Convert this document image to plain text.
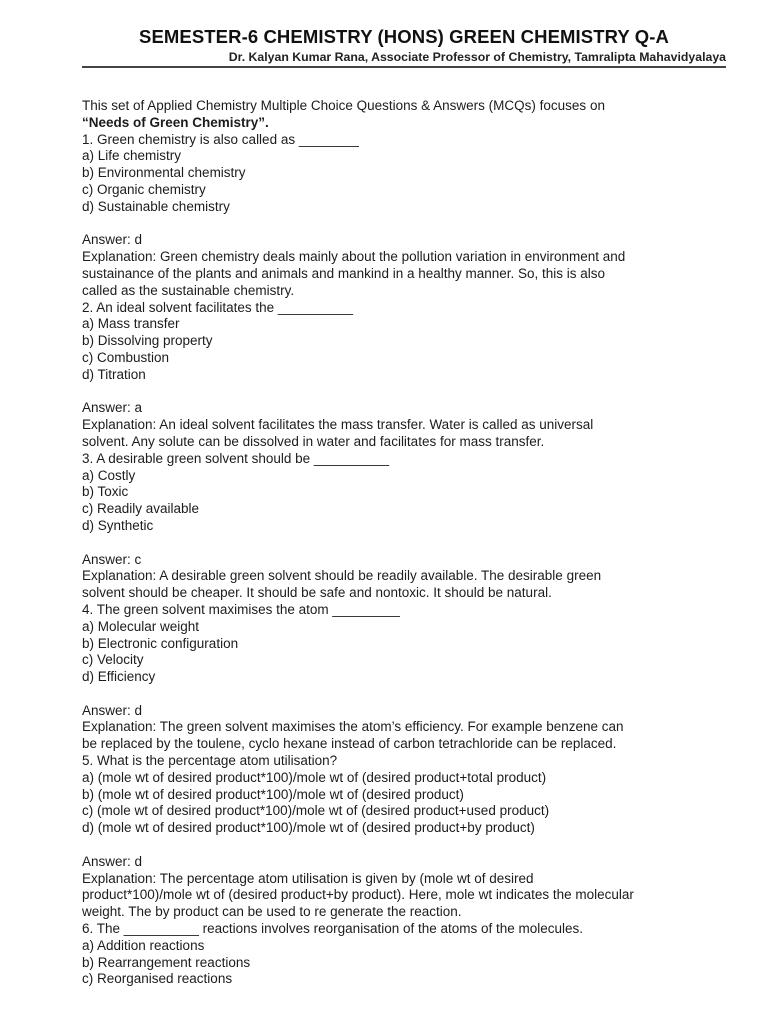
SEMESTER-6 CHEMISTRY (HONS) GREEN CHEMISTRY Q-A
Dr. Kalyan Kumar Rana, Associate Professor of Chemistry, Tamralipta Mahavidyalaya
This set of Applied Chemistry Multiple Choice Questions & Answers (MCQs) focuses on
“Needs of Green Chemistry”.
1. Green chemistry is also called as ________
a) Life chemistry
b) Environmental chemistry
c) Organic chemistry
d) Sustainable chemistry
Answer: d
Explanation: Green chemistry deals mainly about the pollution variation in environment and
sustainance of the plants and animals and mankind in a healthy manner. So, this is also
called as the sustainable chemistry.
2. An ideal solvent facilitates the __________
a) Mass transfer
b) Dissolving property
c) Combustion
d) Titration
Answer: a
Explanation: An ideal solvent facilitates the mass transfer. Water is called as universal
solvent. Any solute can be dissolved in water and facilitates for mass transfer.
3. A desirable green solvent should be __________
a) Costly
b) Toxic
c) Readily available
d) Synthetic
Answer: c
Explanation: A desirable green solvent should be readily available. The desirable green
solvent should be cheaper. It should be safe and nontoxic. It should be natural.
4. The green solvent maximises the atom _________
a) Molecular weight
b) Electronic configuration
c) Velocity
d) Efficiency
Answer: d
Explanation: The green solvent maximises the atom’s efficiency. For example benzene can
be replaced by the toulene, cyclo hexane instead of carbon tetrachloride can be replaced.
5. What is the percentage atom utilisation?
a) (mole wt of desired product*100)/mole wt of (desired product+total product)
b) (mole wt of desired product*100)/mole wt of (desired product)
c) (mole wt of desired product*100)/mole wt of (desired product+used product)
d) (mole wt of desired product*100)/mole wt of (desired product+by product)
Answer: d
Explanation: The percentage atom utilisation is given by (mole wt of desired
product*100)/mole wt of (desired product+by product). Here, mole wt indicates the molecular
weight. The by product can be used to re generate the reaction.
6. The __________ reactions involves reorganisation of the atoms of the molecules.
a) Addition reactions
b) Rearrangement reactions
c) Reorganised reactions
